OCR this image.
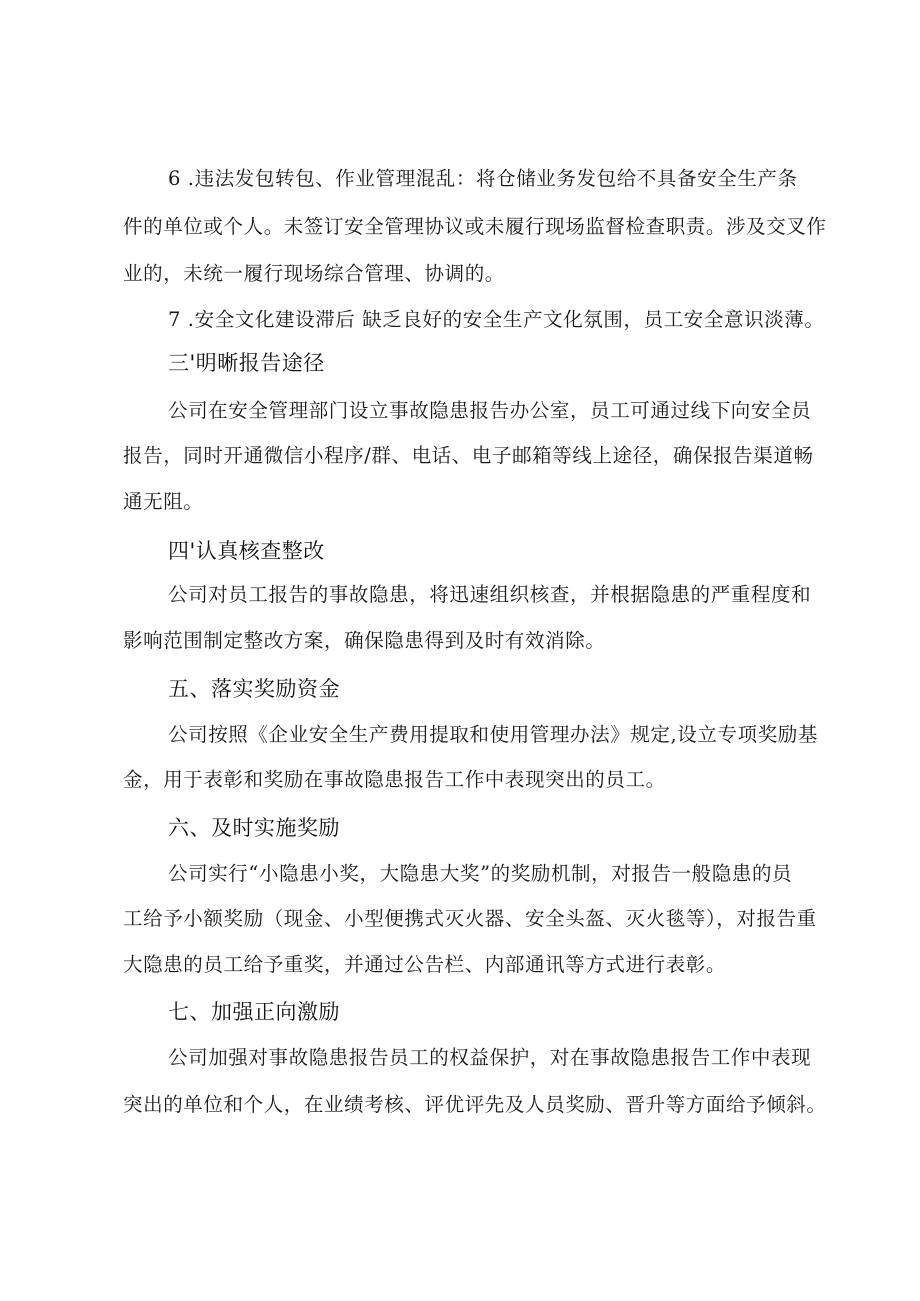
6 .违法发包转包、作业管理混乱：将仓储业务发包给不具备安全生产条
件的单位或个人。未签订安全管理协议或未履行现场监督检查职责。涉及交叉作
业的，未统一履行现场综合管理、协调的。
7 .安全文化建设滞后 缺乏良好的安全生产文化氛围，员工安全意识淡薄。
三'明晰报告途径
公司在安全管理部门设立事故隐患报告办公室，员工可通过线下向安全员
报告，同时开通微信小程序/群、电话、电子邮箱等线上途径，确保报告渠道畅
通无阻。
四'认真核查整改
公司对员工报告的事故隐患，将迅速组织核查，并根据隐患的严重程度和
影响范围制定整改方案，确保隐患得到及时有效消除。
五、落实奖励资金
公司按照《企业安全生产费用提取和使用管理办法》规定,设立专项奖励基
金，用于表彰和奖励在事故隐患报告工作中表现突出的员工。
六、及时实施奖励
公司实行“小隐患小奖，大隐患大奖”的奖励机制，对报告一般隐患的员
工给予小额奖励（现金、小型便携式灭火器、安全头盔、灭火毯等），对报告重
大隐患的员工给予重奖，并通过公告栏、内部通讯等方式进行表彰。
七、加强正向激励
公司加强对事故隐患报告员工的权益保护，对在事故隐患报告工作中表现
突出的单位和个人，在业绩考核、评优评先及人员奖励、晋升等方面给予倾斜。
